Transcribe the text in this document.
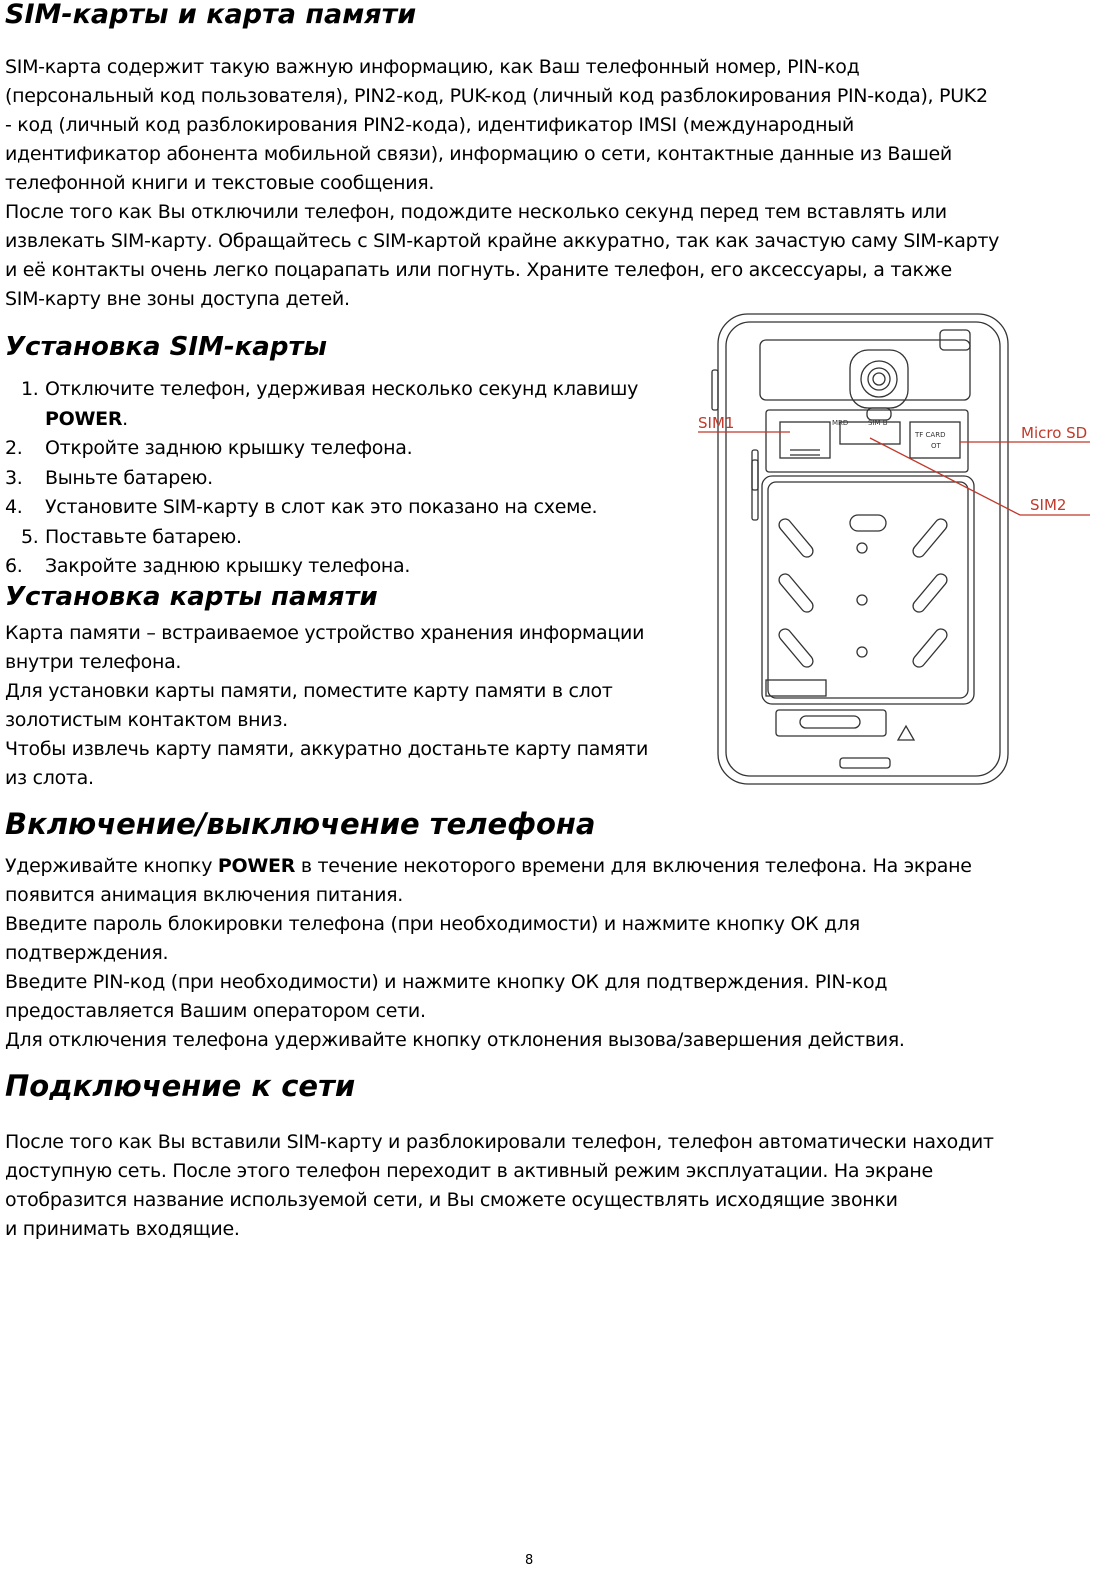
SIM-карты и карта памяти

SIM-карта содержит такую важную информацию, как Ваш телефонный номер, PIN-код

(персональный код пользователя), PIN2-код, PUK-код (личный код разблокирования PIN-кода), PUK2

- код (личный код разблокирования PIN2-кода), идентификатор IMSI (международный

идентификатор абонента мобильной связи), информацию о сети, контактные данные из Вашей

телефонной книги и текстовые сообщения.

После того как Вы отключили телефон, подождите несколько секунд перед тем вставлять или

извлекать SIM-карту. Обращайтесь с SIM-картой крайне аккуратно, так как зачастую саму SIM-карту

и её контакты очень легко поцарапать или погнуть. Храните телефон, его аксессуары, а также

SIM-карту вне зоны доступа детей.

Установка SIM-карты
1. Отключите телефон, удерживая несколько секунд клавишу
POWER.
2. Откройте заднюю крышку телефона.
3. Выньте батарею.
4. Установите SIM-карту в слот как это показано на схеме.
5. Поставьте батарею.
6. Закройте заднюю крышку телефона.
Установка карты памяти

Карта памяти – встраиваемое устройство хранения информации

внутри телефона.

Для установки карты памяти, поместите карту памяти в слот

золотистым контактом вниз.

Чтобы извлечь карту памяти, аккуратно достаньте карту памяти

из слота.

MRD	SIM B
TF CARD
OT
SIM1
Micro SD
SIM2
Включение/выключение телефона

Удерживайте кнопку POWER в течение некоторого времени для включения телефона. На экране

появится анимация включения питания.

Введите пароль блокировки телефона (при необходимости) и нажмите кнопку ОК для

подтверждения.

Введите PIN-код (при необходимости) и нажмите кнопку ОК для подтверждения. PIN-код

предоставляется Вашим оператором сети.

Для отключения телефона удерживайте кнопку отклонения вызова/завершения действия.

Подключение к сети

После того как Вы вставили SIM-карту и разблокировали телефон, телефон автоматически находит

доступную сеть. После этого телефон переходит в активный режим эксплуатации. На экране

отобразится название используемой сети, и Вы сможете осуществлять исходящие звонки

и принимать входящие.

8
